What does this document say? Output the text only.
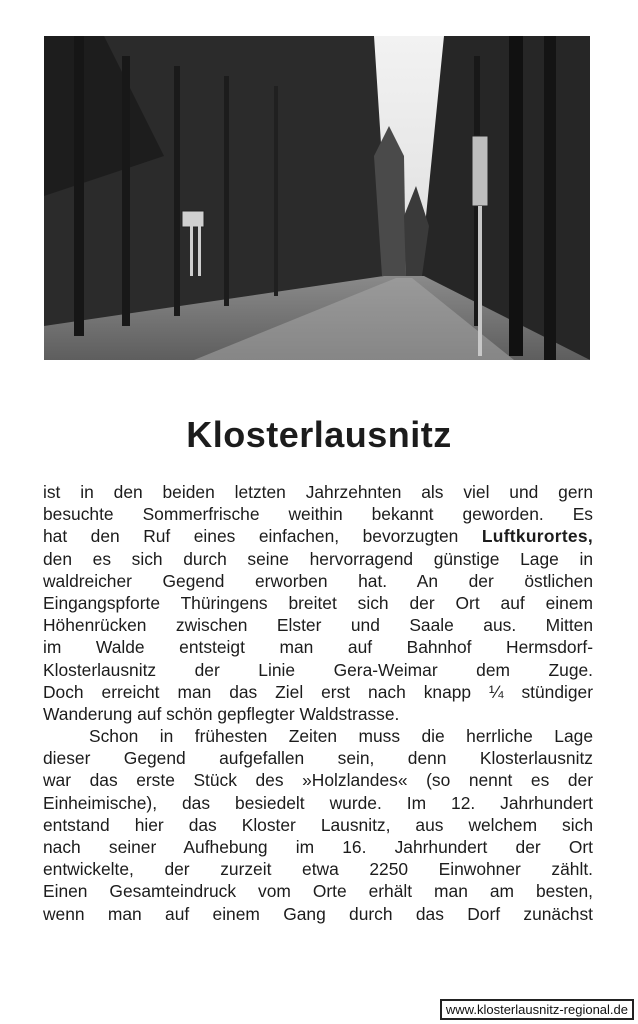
Klosterlausnitz
ist in den beiden letzten Jahrzehnten als viel und gern
besuchte Sommerfrische weithin bekannt geworden. Es
hat den Ruf eines einfachen, bevorzugten Luftkurortes,
den es sich durch seine hervorragend günstige Lage in
waldreicher Gegend erworben hat. An der östlichen
Eingangspforte Thüringens breitet sich der Ort auf einem
Höhenrücken zwischen Elster und Saale aus. Mitten
im Walde entsteigt man auf Bahnhof Hermsdorf-
Klosterlausnitz der Linie Gera-Weimar dem Zuge.
Doch erreicht man das Ziel erst nach knapp ¼ stündiger
Wanderung auf schön gepflegter Waldstrasse.
Schon in frühesten Zeiten muss die herrliche Lage
dieser Gegend aufgefallen sein, denn Klosterlausnitz
war das erste Stück des »Holzlandes« (so nennt es der
Einheimische), das besiedelt wurde. Im 12. Jahrhundert
entstand hier das Kloster Lausnitz, aus welchem sich
nach seiner Aufhebung im 16. Jahrhundert der Ort
entwickelte, der zurzeit etwa 2250 Einwohner zählt.
Einen Gesamteindruck vom Orte erhält man am besten,
wenn man auf einem Gang durch das Dorf zunächst
www.klosterlausnitz-regional.de
